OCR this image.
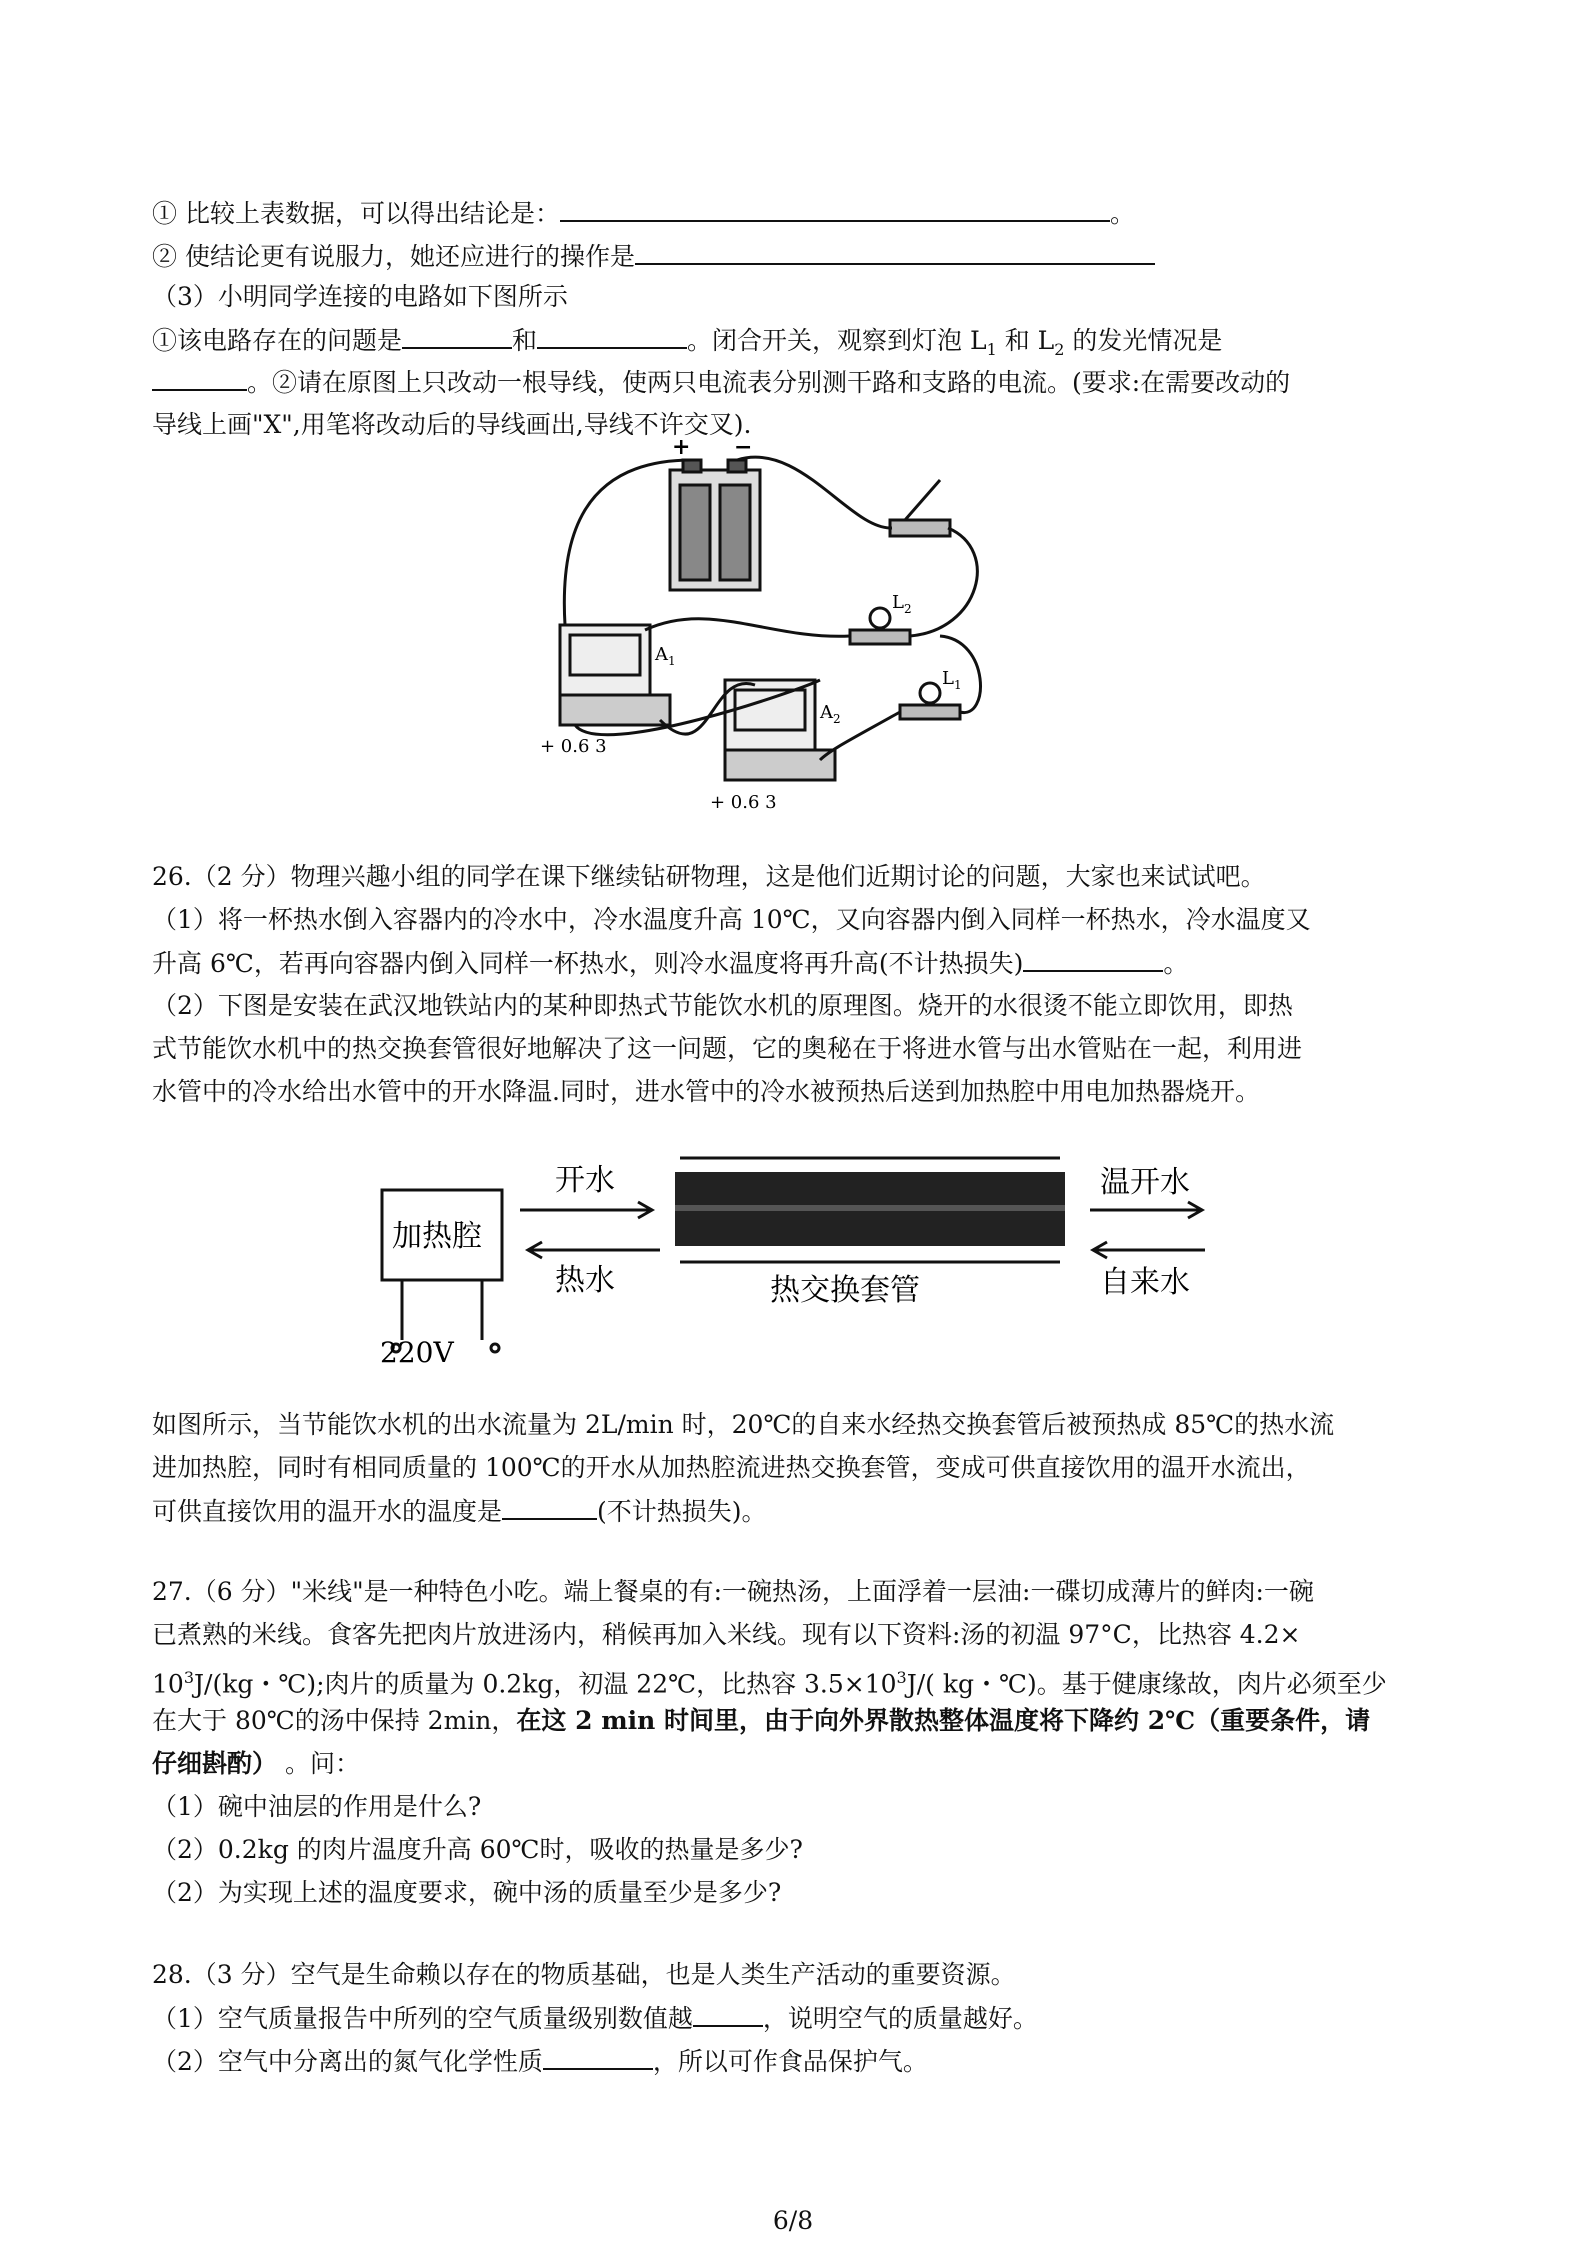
① 比较上表数据，可以得出结论是：	。
② 使结论更有说服力，她还应进行的操作是
（3）小明同学连接的电路如下图所示
①该电路存在的问题是	和	。闭合开关，观察到灯泡 $L_1$ 和 $L_2$ 的发光情况是
。②请在原图上只改动一根导线，使两只电流表分别测干路和支路的电流。(要求:在需要改动的
导线上画"X",用笔将改动后的导线画出,导线不许交叉).
+ −
$A_1$
$A_2$
$L_2$
$L_1$
+ 0.6 3
+ 0.6 3
26.（2 分）物理兴趣小组的同学在课下继续钻研物理，这是他们近期讨论的问题，大家也来试试吧。
（1）将一杯热水倒入容器内的冷水中，冷水温度升高 10℃，又向容器内倒入同样一杯热水，冷水温度又
升高 6℃，若再向容器内倒入同样一杯热水，则冷水温度将再升高(不计热损失)	。
（2）下图是安装在武汉地铁站内的某种即热式节能饮水机的原理图。烧开的水很烫不能立即饮用，即热
式节能饮水机中的热交换套管很好地解决了这一问题，它的奥秘在于将进水管与出水管贴在一起，利用进
水管中的冷水给出水管中的开水降温.同时，进水管中的冷水被预热后送到加热腔中用电加热器烧开。
加热腔
220V
开水
热水	热交换套管
温开水
自来水
如图所示，当节能饮水机的出水流量为 2L/min 时，20℃的自来水经热交换套管后被预热成 85℃的热水流
进加热腔，同时有相同质量的 100℃的开水从加热腔流进热交换套管，变成可供直接饮用的温开水流出，
可供直接饮用的温开水的温度是	(不计热损失)。
27.（6 分）"米线"是一种特色小吃。端上餐桌的有:一碗热汤，上面浮着一层油:一碟切成薄片的鲜肉:一碗
已煮熟的米线。食客先把肉片放进汤内，稍候再加入米线。现有以下资料:汤的初温 97°C，比热容 4.2×
$10^3J/(kg$・℃);肉片的质量为 0.2kg，初温 22℃，比热容 $3.5\times 10^3J/$( kg・℃)。基于健康缘故，肉片必须至少
在大于 80℃的汤中保持 2min，在这 2 min 时间里，由于向外界散热整体温度将下降约 2℃（重要条件，请
仔细斟酌） 。问：
（1）碗中油层的作用是什么?
（2）0.2kg 的肉片温度升高 60℃时，吸收的热量是多少?
（2）为实现上述的温度要求，碗中汤的质量至少是多少?
28.（3 分）空气是生命赖以存在的物质基础，也是人类生产活动的重要资源。
（1）空气质量报告中所列的空气质量级别数值越	，说明空气的质量越好。
（2）空气中分离出的氮气化学性质	，所以可作食品保护气。
6/8
